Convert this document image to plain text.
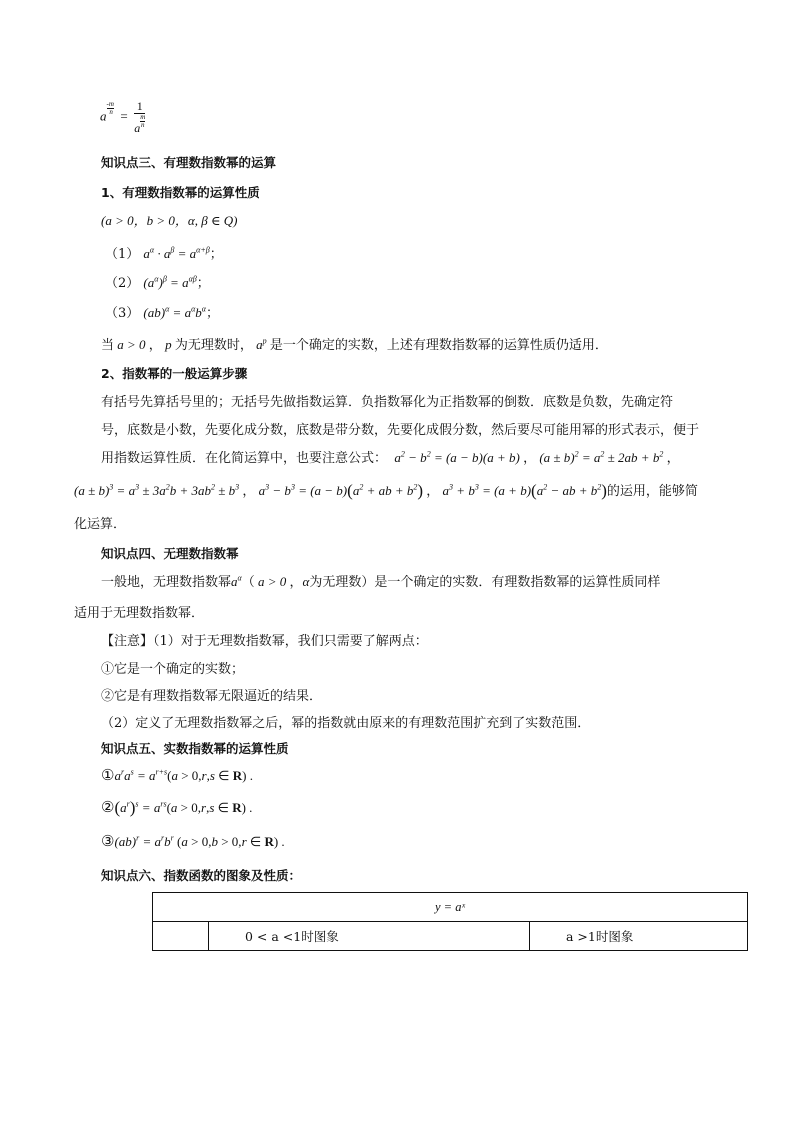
a $\frac{-m}{n} = \frac{1}{a \frac{m}{n}}$
知识点三、有理数指数幂的运算
1、有理数指数幂的运算性质
(a > 0，b > 0，α, β ∈ Q)
（1） $a^\alpha \cdot a^\beta = a^{\alpha+\beta}$；
（2） $(a^\alpha)^\beta = a^{\alpha\beta}$；
（3） $(ab)^\alpha = a^\alpha b^\alpha$；
当 a > 0 ， p 为无理数时， $a^p$ 是一个确定的实数，上述有理数指数幂的运算性质仍适用．
2、指数幂的一般运算步骤
有括号先算括号里的；无括号先做指数运算．负指数幂化为正指数幂的倒数．底数是负数，先确定符
号，底数是小数，先要化成分数，底数是带分数，先要化成假分数，然后要尽可能用幂的形式表示，便于
用指数运算性质．在化简运算中，也要注意公式：  $a^2 - b^2 = (a - b)(a + b)$ ， $(a \pm b)^2 = a^2 \pm 2ab + b^2$ ，
$(a \pm b)^3 = a^3 \pm 3a^2b + 3ab^2 \pm b^3$ ， $a^3 - b^3 = (a - b)(a^2$ + ab + $b^2$) ， $a^3 + b^3 = (a + b)(a^2$ − ab + $b^2$)的运用，能够简
化运算．
知识点四、无理数指数幂
一般地，无理数指数幂$a^\alpha$（ a > 0 ，α为无理数）是一个确定的实数．有理数指数幂的运算性质同样
适用于无理数指数幂．
【注意】（1）对于无理数指数幂，我们只需要了解两点：
①它是一个确定的实数；
②它是有理数指数幂无限逼近的结果．
（2）定义了无理数指数幂之后，幂的指数就由原来的有理数范围扩充到了实数范围．
知识点五、实数指数幂的运算性质
$①a^ra^s = a^{r+s}(a > 0,r,s$ ∈ R) .
$②(a^r)^s = a^{rs}(a > 0,r,s$ ∈ R) .
③(ab)$^r$ = $a^rb^r$ (a > 0,b > 0,r ∈ R) .
知识点六、指数函数的图象及性质：
y = aˣ
	0 < a <1时图象	a >1时图象
